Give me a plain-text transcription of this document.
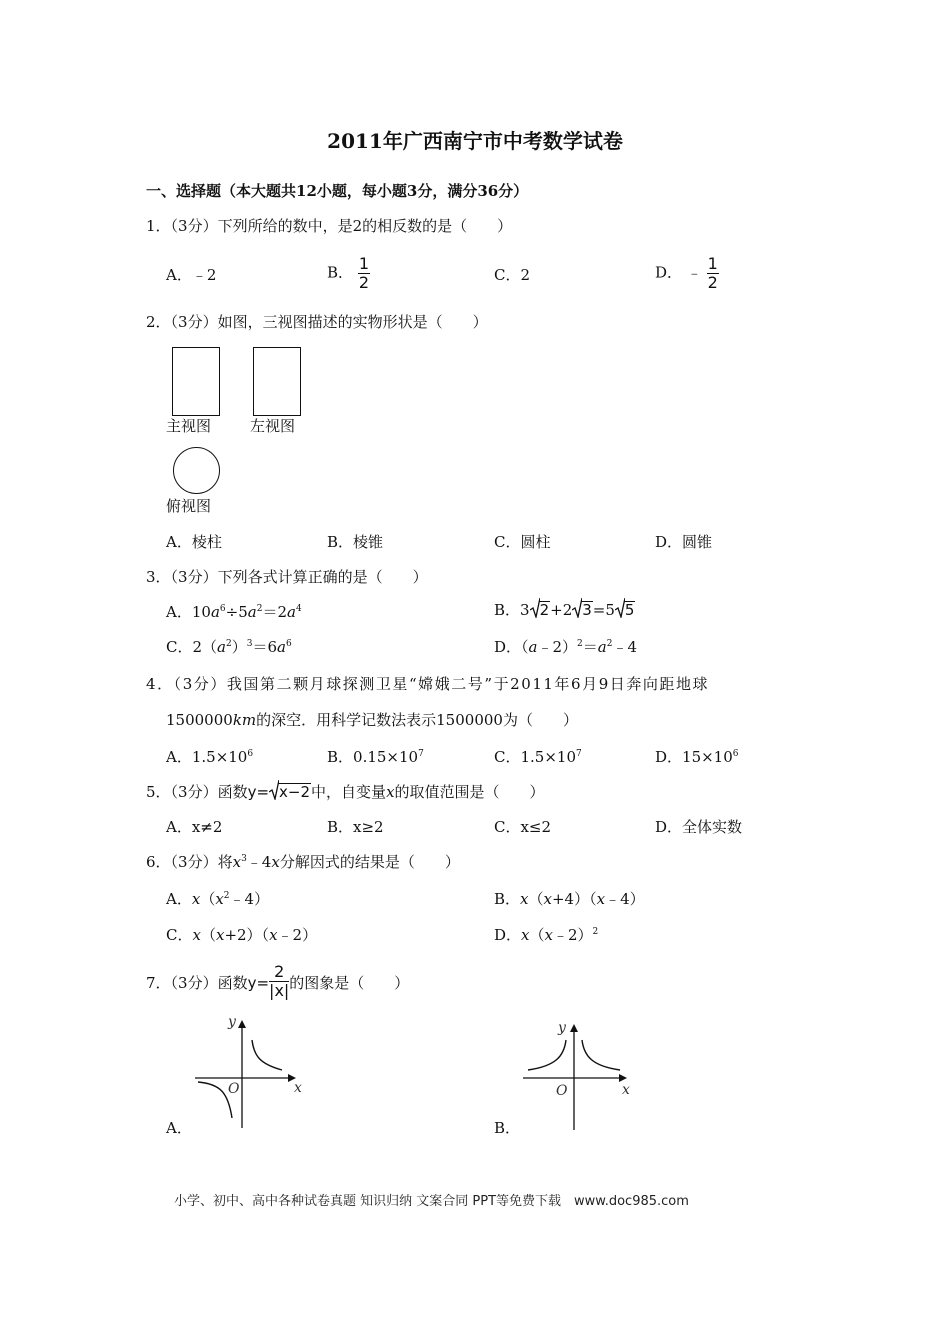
2011年广西南宁市中考数学试卷
一、选择题（本大题共12小题，每小题3分，满分36分）
1．（3分）下列所给的数中，是2的相反数的是（　　）
A．﹣2	B． $\frac{1}{2}$	C．2	D． ﹣ $\frac{1}{2}$
2．（3分）如图，三视图描述的实物形状是（　　）
主视图	左视图
俯视图
A．棱柱	B．棱锥	C．圆柱	D．圆锥
3．（3分）下列各式计算正确的是（　　）
A．$10a^6\div 5a^2=2a^4$	B．3 2+2 3=5 5
C．$2(a^2)^3=6a^6$	D．$(a﹣2)^2=a^2﹣4$
4．（3分）我国第二颗月球探测卫星“嫦娥二号”于2011年6月9日奔向距地球
1500000km的深空．用科学记数法表示1500000为（　　）
A．$1.5\times 10^6$	B．$0.15\times 10^7$	C．$1.5\times 10^7$	D．$15\times 10^6$
5．（3分）函数y= x−2中，自变量x的取值范围是（　　）
A．x≠2	B．x≥2	C．x≤2	D．全体实数
6．（3分）将$x^3﹣4x$分解因式的结果是（　　）
A．$x(x^2﹣4)$	B．x（x+4）（x﹣4）
C．x（x+2）（x﹣2）	D．x（x﹣2）$^2$
7．（3分）函数$y= \frac{2}{|x|}$ 的图象是（　　）
y
x
O
A．
y
x
O
B．
小学、初中、高中各种试卷真题 知识归纳 文案合同 PPT等免费下载　www.doc985.com
